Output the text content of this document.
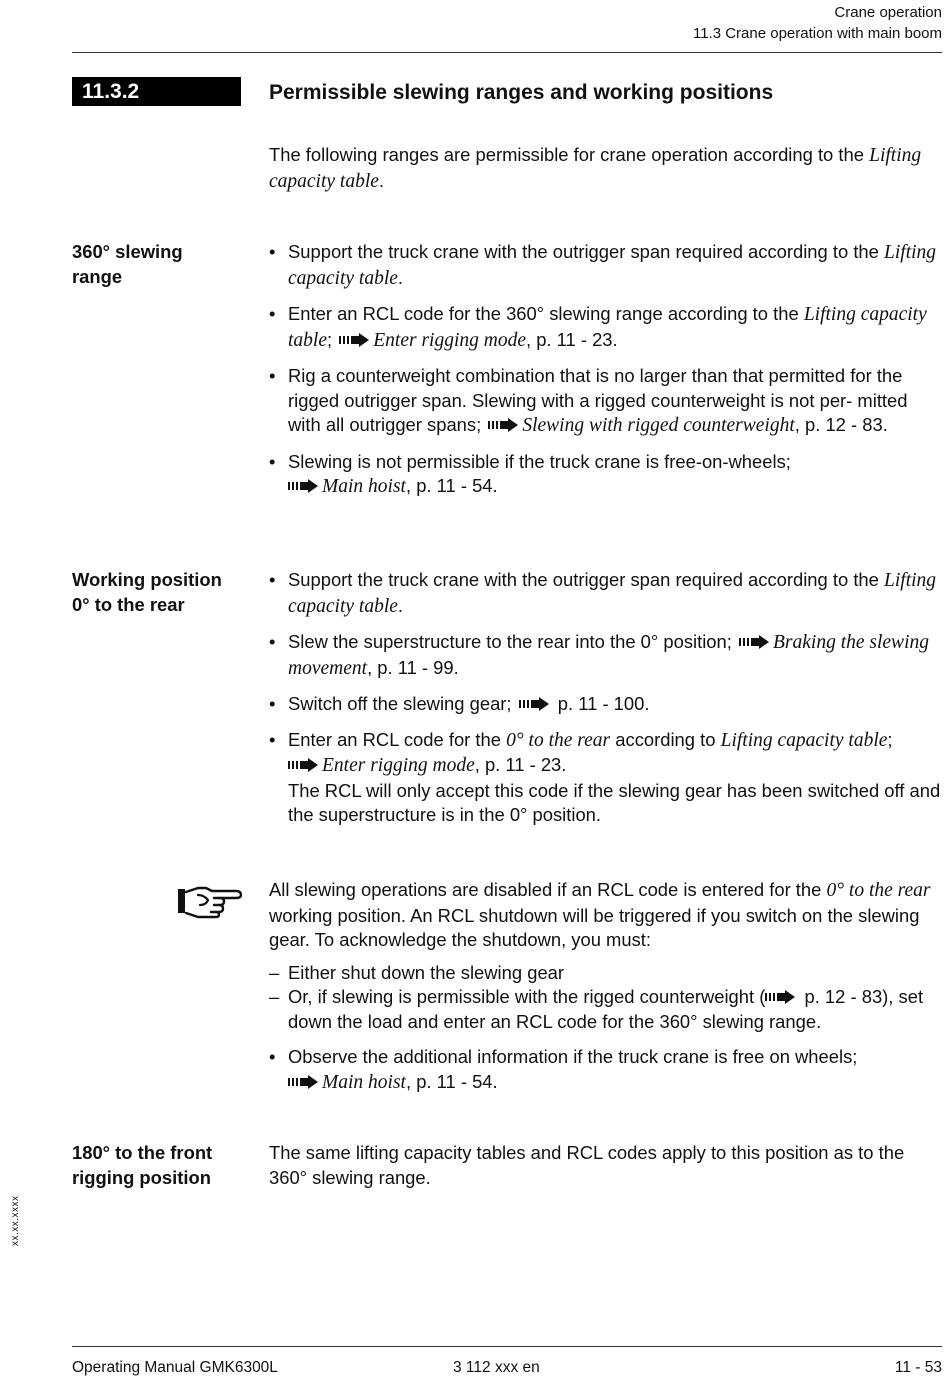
Crane operation
11.3 Crane operation with main boom
11.3.2	Permissible slewing ranges and working positions

The following ranges are permissible for crane operation according to the Lifting capacity table.

360° slewing
range
• Support the truck crane with the outrigger span required according to the Lifting capacity table.
• Enter an RCL code for the 360° slewing range according to the Lifting capacity table; Enter rigging mode, p. 11 - 23.
• Rig a counterweight combination that is no larger than that permitted for the rigged outrigger span. Slewing with a rigged counterweight is not per- mitted with all outrigger spans; Slewing with rigged counterweight, p. 12 - 83.
• Slewing is not permissible if the truck crane is free-on-wheels;
Main hoist, p. 11 - 54.
Working position
0° to the rear
• Support the truck crane with the outrigger span required according to the Lifting capacity table.
• Slew the superstructure to the rear into the 0° position; Braking the slewing movement, p. 11 - 99.
• Switch off the slewing gear;	p. 11 - 100.
• Enter an RCL code for the 0° to the rear according to Lifting capacity table;
Enter rigging mode, p. 11 - 23.
The RCL will only accept this code if the slewing gear has been switched off and the superstructure is in the 0° position.

All slewing operations are disabled if an RCL code is entered for the 0° to the rear working position. An RCL shutdown will be triggered if you switch on the slewing gear. To acknowledge the shutdown, you must:

– Either shut down the slewing gear
– Or, if slewing is permissible with the rigged counterweight ( p. 12 - 83), set down the load and enter an RCL code for the 360° slewing range.
• Observe the additional information if the truck crane is free on wheels;
Main hoist, p. 11 - 54.
180° to the front
rigging position

The same lifting capacity tables and RCL codes apply to this position as to the 360° slewing range.

xx.xx.xxxx
Operating Manual GMK6300L	3 112 xxx en	11 - 53
